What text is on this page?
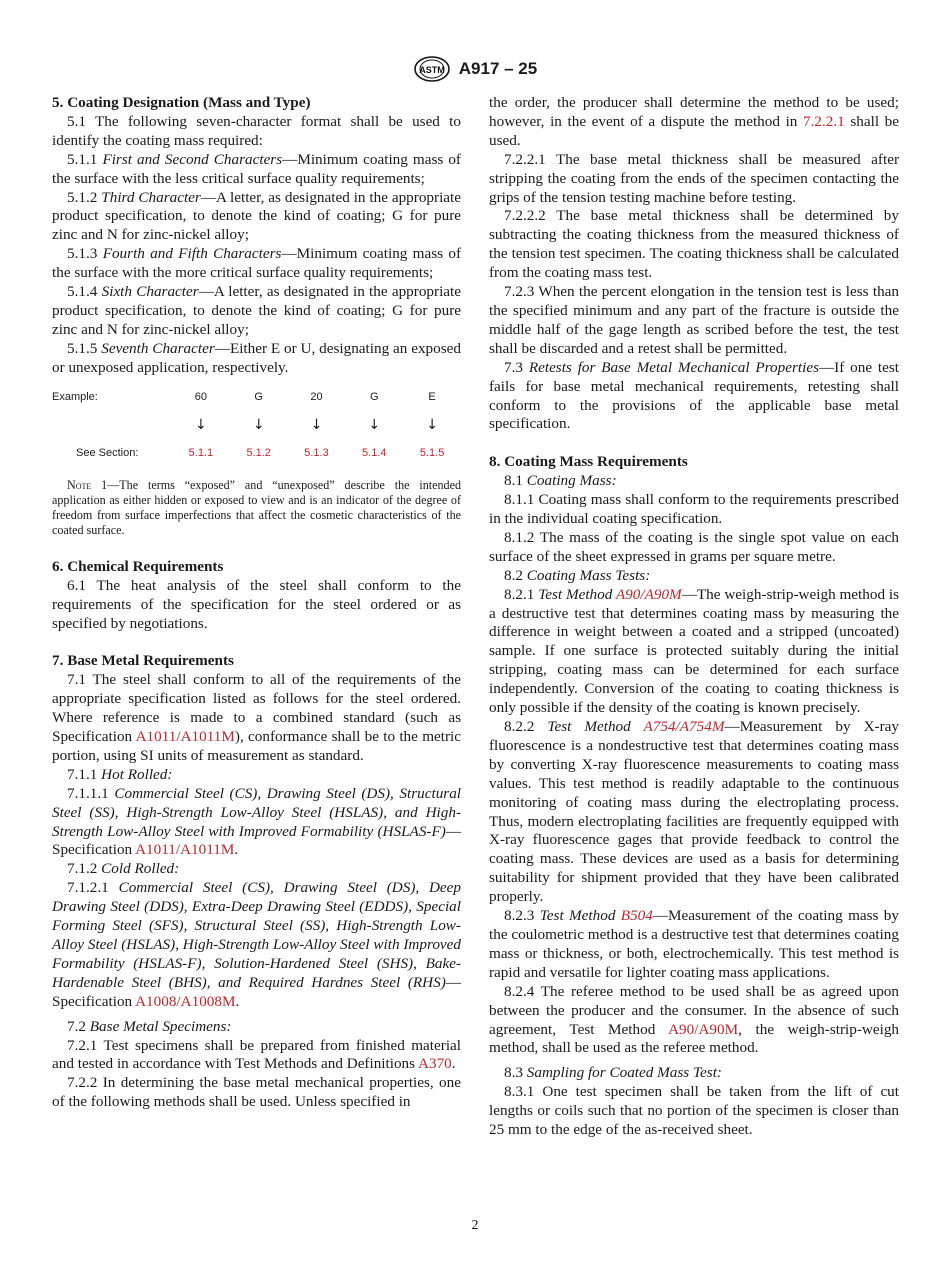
ASTM A917 – 25

5. Coating Designation (Mass and Type)

5.1 The following seven-character format shall be used to identify the coating mass required:

5.1.1 First and Second Characters—Minimum coating mass of the surface with the less critical surface quality requirements;

5.1.2 Third Character—A letter, as designated in the appropriate product specification, to denote the kind of coating; G for pure zinc and N for zinc-nickel alloy;

5.1.3 Fourth and Fifth Characters—Minimum coating mass of the surface with the more critical surface quality requirements;

5.1.4 Sixth Character—A letter, as designated in the appropriate product specification, to denote the kind of coating; G for pure zinc and N for zinc-nickel alloy;

5.1.5 Seventh Character—Either E or U, designating an exposed or unexposed application, respectively.

Example:	60	G	20	G	E
	↓	↓	↓	↓	↓
See Section:	5.1.1	5.1.2	5.1.3	5.1.4	5.1.5

Note 1—The terms “exposed” and “unexposed” describe the intended application as either hidden or exposed to view and is an indicator of the degree of freedom from surface imperfections that affect the cosmetic characteristics of the coated surface.

6. Chemical Requirements

6.1 The heat analysis of the steel shall conform to the requirements of the specification for the steel ordered or as specified by negotiations.

7. Base Metal Requirements

7.1 The steel shall conform to all of the requirements of the appropriate specification listed as follows for the steel ordered. Where reference is made to a combined standard (such as Specification A1011/A1011M), conformance shall be to the metric portion, using SI units of measurement as standard.

7.1.1 Hot Rolled:

7.1.1.1 Commercial Steel (CS), Drawing Steel (DS), Structural Steel (SS), High-Strength Low-Alloy Steel (HSLAS), and High-Strength Low-Alloy Steel with Improved Formability (HSLAS-F)—Specification A1011/A1011M.

7.1.2 Cold Rolled:

7.1.2.1 Commercial Steel (CS), Drawing Steel (DS), Deep Drawing Steel (DDS), Extra-Deep Drawing Steel (EDDS), Special Forming Steel (SFS), Structural Steel (SS), High-Strength Low-Alloy Steel (HSLAS), High-Strength Low-Alloy Steel with Improved Formability (HSLAS-F), Solution-Hardened Steel (SHS), Bake-Hardenable Steel (BHS), and Required Hardnes Steel (RHS)—Specification A1008/A1008M.

7.2 Base Metal Specimens:

7.2.1 Test specimens shall be prepared from finished material and tested in accordance with Test Methods and Definitions A370.

7.2.2 In determining the base metal mechanical properties, one of the following methods shall be used. Unless specified in

the order, the producer shall determine the method to be used; however, in the event of a dispute the method in 7.2.2.1 shall be used.

7.2.2.1 The base metal thickness shall be measured after stripping the coating from the ends of the specimen contacting the grips of the tension testing machine before testing.

7.2.2.2 The base metal thickness shall be determined by subtracting the coating thickness from the measured thickness of the tension test specimen. The coating thickness shall be calculated from the coating mass test.

7.2.3 When the percent elongation in the tension test is less than the specified minimum and any part of the fracture is outside the middle half of the gage length as scribed before the test, the test shall be discarded and a retest shall be permitted.

7.3 Retests for Base Metal Mechanical Properties—If one test fails for base metal mechanical requirements, retesting shall conform to the provisions of the applicable base metal specification.

8. Coating Mass Requirements

8.1 Coating Mass:

8.1.1 Coating mass shall conform to the requirements prescribed in the individual coating specification.

8.1.2 The mass of the coating is the single spot value on each surface of the sheet expressed in grams per square metre.

8.2 Coating Mass Tests:

8.2.1 Test Method A90/A90M—The weigh-strip-weigh method is a destructive test that determines coating mass by measuring the difference in weight between a coated and a stripped (uncoated) sample. If one surface is protected suitably during the initial stripping, coating mass can be determined for each surface independently. Conversion of the coating to coating thickness is only possible if the density of the coating is known precisely.

8.2.2 Test Method A754/A754M—Measurement by X-ray fluorescence is a nondestructive test that determines coating mass by converting X-ray fluorescence measurements to coating mass values. This test method is readily adaptable to the continuous monitoring of coating mass during the electroplating process. Thus, modern electroplating facilities are frequently equipped with X-ray fluorescence gages that provide feedback to control the coating mass. These devices are used as a basis for determining suitability for shipment provided that they have been calibrated properly.

8.2.3 Test Method B504—Measurement of the coating mass by the coulometric method is a destructive test that determines coating mass or thickness, or both, electrochemically. This test method is rapid and versatile for lighter coating mass applications.

8.2.4 The referee method to be used shall be as agreed upon between the producer and the consumer. In the absence of such agreement, Test Method A90/A90M, the weigh-strip-weigh method, shall be used as the referee method.

8.3 Sampling for Coated Mass Test:

8.3.1 One test specimen shall be taken from the lift of cut lengths or coils such that no portion of the specimen is closer than 25 mm to the edge of the as-received sheet.

2
